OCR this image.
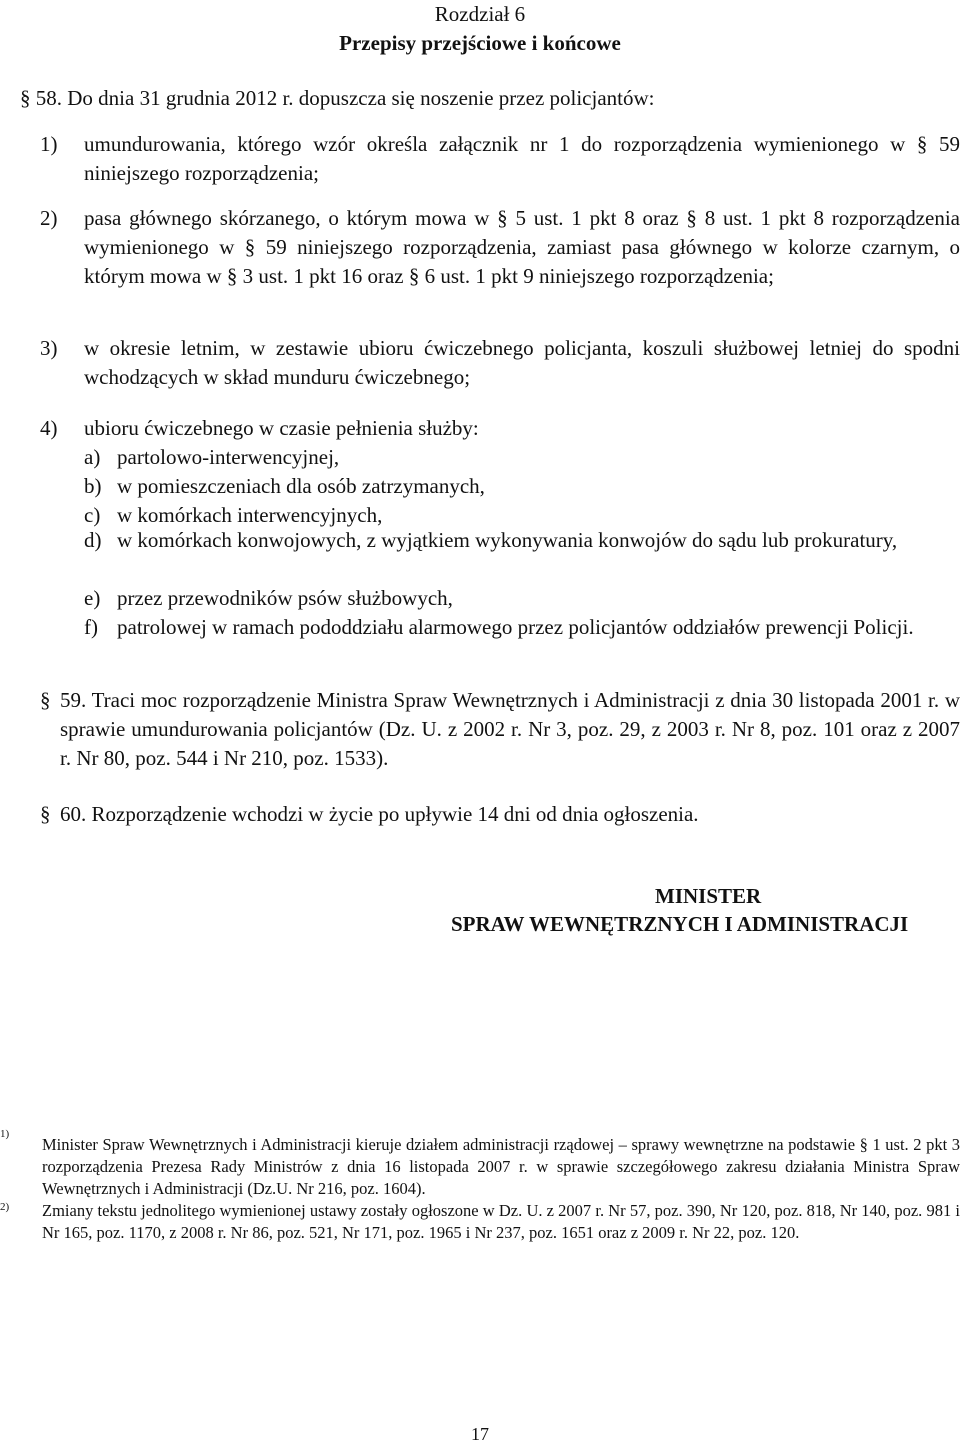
Rozdział 6
Przepisy przejściowe i końcowe
§ 58. Do dnia 31 grudnia 2012 r. dopuszcza się noszenie przez policjantów:
1) umundurowania, którego wzór określa załącznik nr 1 do rozporządzenia wymienionego w § 59 niniejszego rozporządzenia;
2) pasa głównego skórzanego, o którym mowa w § 5 ust. 1 pkt 8 oraz § 8 ust. 1 pkt 8 rozporządzenia wymienionego w § 59 niniejszego rozporządzenia, zamiast pasa głównego w kolorze czarnym, o którym mowa w § 3 ust. 1 pkt 16 oraz § 6 ust. 1 pkt 9 niniejszego rozporządzenia;
3) w okresie letnim, w zestawie ubioru ćwiczebnego policjanta, koszuli służbowej letniej do spodni wchodzących w skład munduru ćwiczebnego;
4) ubioru ćwiczebnego w czasie pełnienia służby:
a) partolowo-interwencyjnej,
b) w pomieszczeniach dla osób zatrzymanych,
c) w komórkach interwencyjnych,
d) w komórkach konwojowych, z wyjątkiem wykonywania konwojów do sądu lub prokuratury,
e) przez przewodników psów służbowych,
f) patrolowej w ramach pododdziału alarmowego przez policjantów oddziałów prewencji Policji.
§ 59. Traci moc rozporządzenie Ministra Spraw Wewnętrznych i Administracji z dnia 30 listopada 2001 r. w sprawie umundurowania policjantów (Dz. U. z 2002 r. Nr 3, poz. 29, z 2003 r. Nr 8, poz. 101 oraz z 2007 r. Nr 80, poz. 544 i Nr 210, poz. 1533).
§ 60. Rozporządzenie wchodzi w życie po upływie 14 dni od dnia ogłoszenia.
MINISTER
SPRAW WEWNĘTRZNYCH I ADMINISTRACJI
1)
Minister Spraw Wewnętrznych i Administracji kieruje działem administracji rządowej – sprawy wewnętrzne na podstawie § 1 ust. 2 pkt 3 rozporządzenia Prezesa Rady Ministrów z dnia 16 listopada 2007 r. w sprawie szczegółowego zakresu działania Ministra Spraw Wewnętrznych i Administracji (Dz.U. Nr 216, poz. 1604).
2) Zmiany tekstu jednolitego wymienionej ustawy zostały ogłoszone w Dz. U. z 2007 r. Nr 57, poz. 390, Nr 120, poz. 818, Nr 140, poz. 981 i Nr 165, poz. 1170, z 2008 r. Nr 86, poz. 521, Nr 171, poz. 1965 i Nr 237, poz. 1651 oraz z 2009 r. Nr 22, poz. 120.
17
